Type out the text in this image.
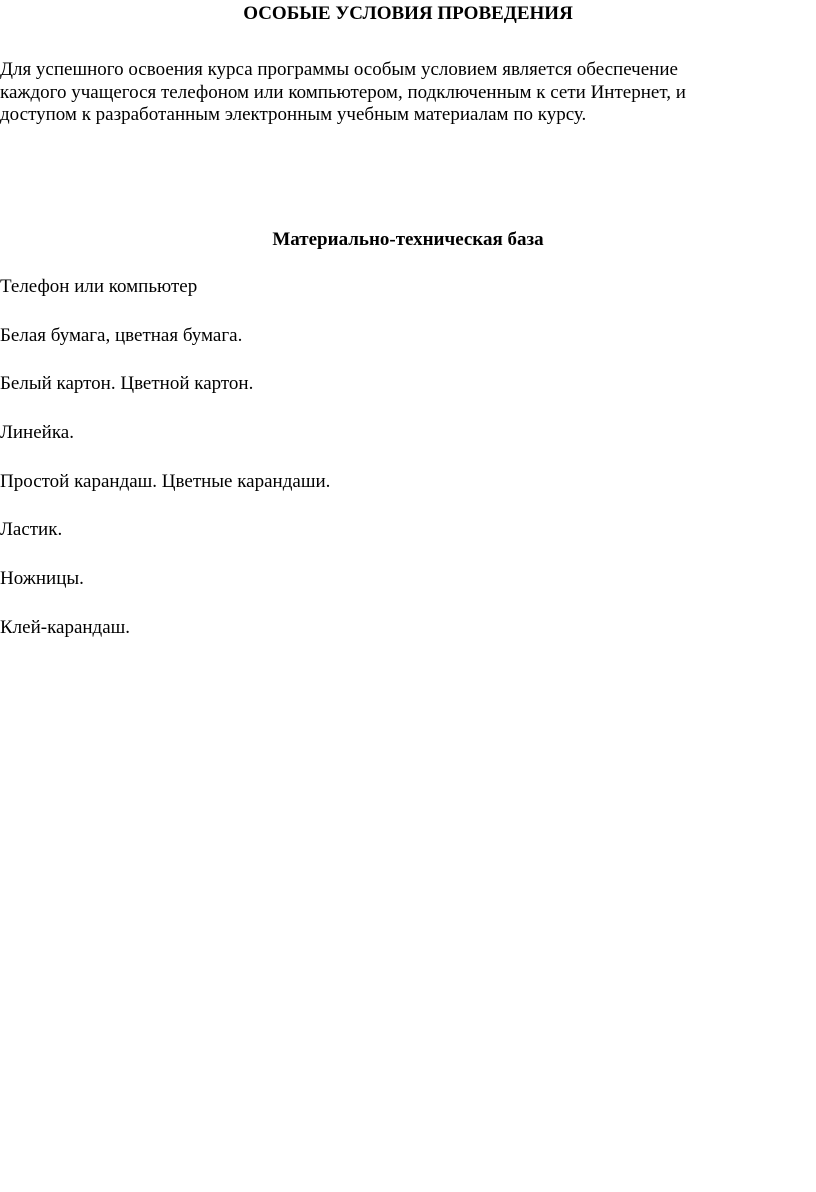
ОСОБЫЕ УСЛОВИЯ ПРОВЕДЕНИЯ

Для успешного освоения курса программы особым условием является обеспечение
каждого учащегося телефоном или компьютером, подключенным к сети Интернет, и
доступом к разработанным электронным учебным материалам по курсу.

Материально-техническая база
Телефон или компьютер
Белая бумага, цветная бумага.
Белый картон. Цветной картон.
Линейка.
Простой карандаш. Цветные карандаши.
Ластик.
Ножницы.
Клей-карандаш.
